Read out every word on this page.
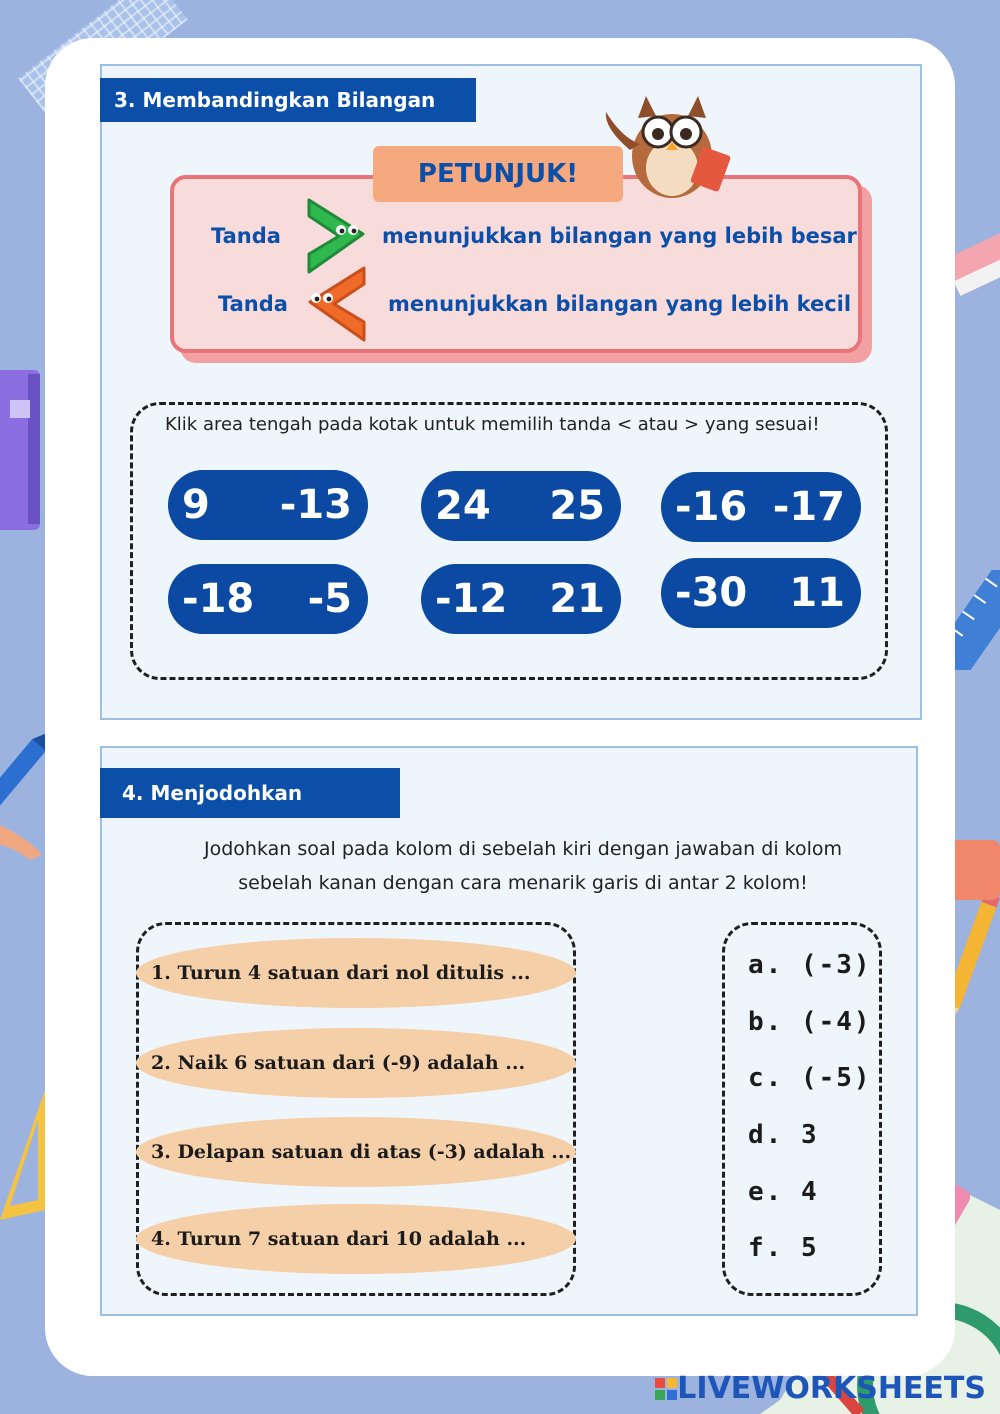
3. Membandingkan Bilangan
PETUNJUK!
Tanda	menunjukkan bilangan yang lebih besar
Tanda	menunjukkan bilangan yang lebih kecil
Klik area tengah pada kotak untuk memilih tanda < atau > yang sesuai!
9 -13 24 25 -16 -17
-18 -5 -12 21 -30 11
4. Menjodohkan
Jodohkan soal pada kolom di sebelah kiri dengan jawaban di kolom
sebelah kanan dengan cara menarik garis di antar 2 kolom!
1. Turun 4 satuan dari nol ditulis ...
2. Naik 6 satuan dari (-9) adalah ...
3. Delapan satuan di atas (-3) adalah ...
4. Turun 7 satuan dari 10 adalah ...
a. (-3)
b. (-4)
c. (-5)
d. 3
e. 4
f. 5
LIVEWORKSHEETS
